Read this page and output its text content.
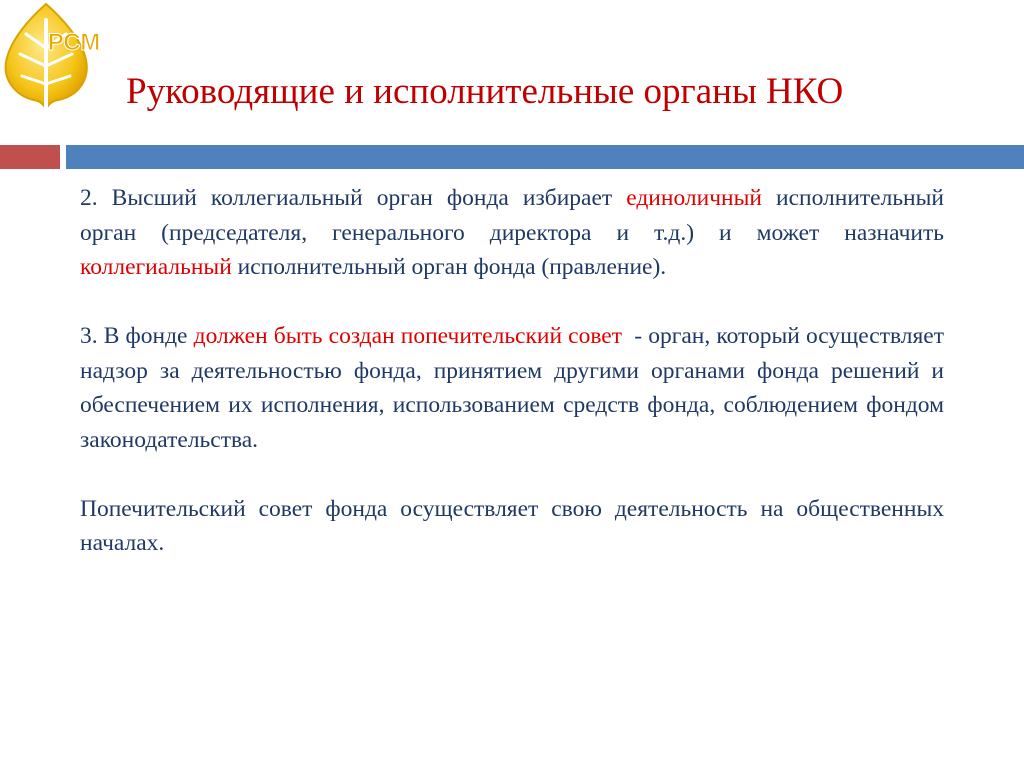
РСМ
Руководящие и исполнительные органы НКО

2. Высший коллегиальный орган фонда избирает единоличный исполнительный орган (председателя, генерального директора и т.д.) и может назначить коллегиальный исполнительный орган фонда (правление).

3. В фонде должен быть создан попечительский совет  - орган, который осуществляет надзор за деятельностью фонда, принятием другими органами фонда решений и обеспечением их исполнения, использованием средств фонда, соблюдением фондом законодательства.

Попечительский совет фонда осуществляет свою деятельность на общественных началах.
